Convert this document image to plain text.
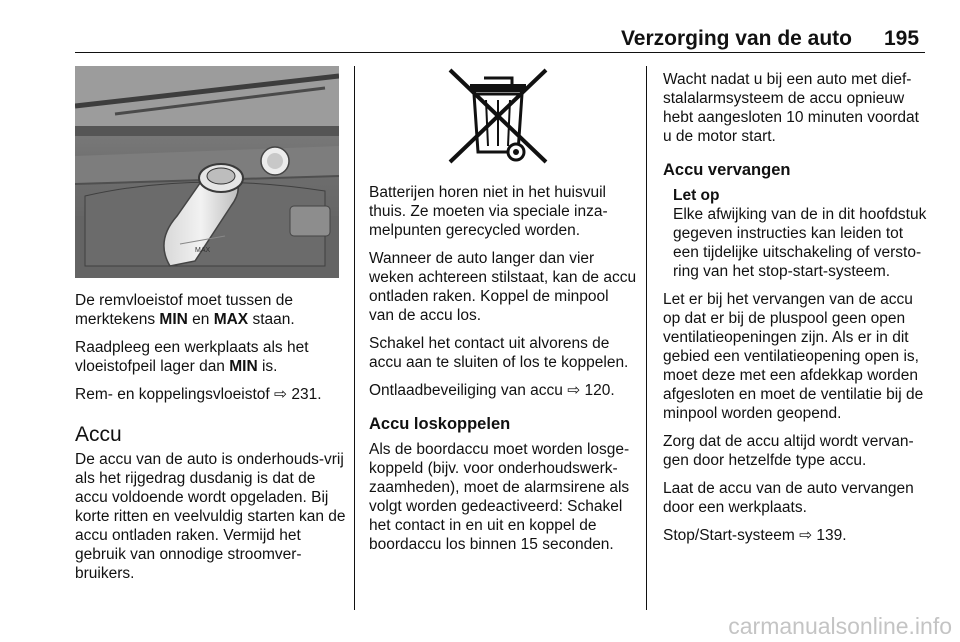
Verzorging van de auto 195
MAX

De remvloeistof moet tussen de merktekens MIN en MAX staan.

Raadpleeg een werkplaats als het vloeistofpeil lager dan MIN is.

Rem- en koppelingsvloeistof ⇨ 231.

Accu

De accu van de auto is onderhouds-vrij als het rijgedrag dusdanig is dat de accu voldoende wordt opgeladen. Bij korte ritten en veelvuldig starten kan de accu ontladen raken. Vermijd het gebruik van onnodige stroomver-bruikers.

Batterijen horen niet in het huisvuil thuis. Ze moeten via speciale inza-melpunten gerecycled worden.

Wanneer de auto langer dan vier weken achtereen stilstaat, kan de accu ontladen raken. Koppel de minpool van de accu los.

Schakel het contact uit alvorens de accu aan te sluiten of los te koppelen.

Ontlaadbeveiliging van accu ⇨ 120.

Accu loskoppelen

Als de boordaccu moet worden losge-koppeld (bijv. voor onderhoudswerk-zaamheden), moet de alarmsirene als volgt worden gedeactiveerd: Schakel het contact in en uit en koppel de boordaccu los binnen 15 seconden.

Wacht nadat u bij een auto met dief-stalalarmsysteem de accu opnieuw hebt aangesloten 10 minuten voordat u de motor start.

Accu vervangen
Let op
Elke afwijking van de in dit hoofdstuk gegeven instructies kan leiden tot een tijdelijke uitschakeling of versto-ring van het stop-start-systeem.

Let er bij het vervangen van de accu op dat er bij de pluspool geen open ventilatieopeningen zijn. Als er in dit gebied een ventilatieopening open is, moet deze met een afdekkap worden afgesloten en moet de ventilatie bij de minpool worden geopend.

Zorg dat de accu altijd wordt vervan-gen door hetzelfde type accu.

Laat de accu van de auto vervangen door een werkplaats.

Stop/Start-systeem ⇨ 139.

carmanualsonline.info
